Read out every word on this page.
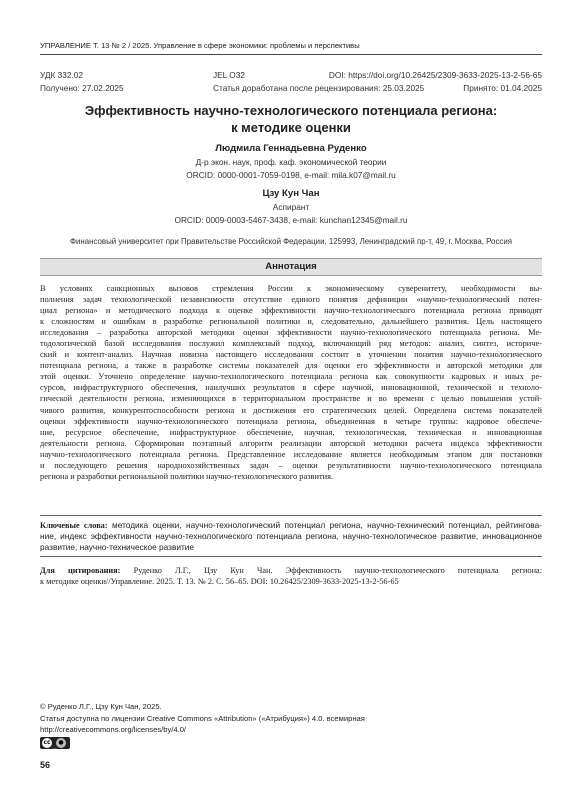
УПРАВЛЕНИЕ Т. 13 № 2 / 2025. Управление в сфере экономики: проблемы и перспективы
УДК 332.02	JEL O32	DOI: https://doi.org/10.26425/2309-3633-2025-13-2-56-65
Получено: 27.02.2025	Статья доработана после рецензирования: 25.03.2025	Принято: 01.04.2025
Эффективность научно-технологического потенциала региона:
к методике оценки
Людмила Геннадьевна Руденко
Д-р экон. наук, проф. каф. экономической теории
ORCID: 0000-0001-7059-0198, e-mail: mila.k07@mail.ru
Цзу Кун Чан
Аспирант
ORCID: 0009-0003-5467-3438, e-mail: kunchan12345@mail.ru
Финансовый университет при Правительстве Российской Федерации, 125993, Ленинградский пр-т, 49, г. Москва, Россия
Аннотация
В условиях санкционных вызовов стремления России к экономическому суверенитету, необходимости вы-
полнения задач технологической независимости отсутствие единого понятия дефиниции «научно-технологический потен-
циал региона» и методического подхода к оценке эффективности научно-технологического потенциала региона приводят
к сложностям и ошибкам в разработке региональной политики и, следовательно, дальнейшего развития. Цель настоящего
исследования – разработка авторской методики оценки эффективности научно-технологического потенциала региона. Ме-
тодологической базой исследования послужил комплексный подход, включающий ряд методов: анализ, синтез, историче-
ский и контент-анализ. Научная новизна настоящего исследования состоит в уточнении понятия научно-технологического
потенциала региона, а также в разработке системы показателей для оценки его эффективности и авторской методики для
этой оценки. Уточнено определение научно-технологического потенциала региона как совокупности кадровых и иных ре-
сурсов, инфраструктурного обеспечения, наилучших результатов в сфере научной, инновационной, технической и техноло-
гической деятельности региона, изменяющихся в территориальном пространстве и во времени с целью повышения устой-
чивого развития, конкурентоспособности региона и достижения его стратегических целей. Определена система показателей
оценки эффективности научно-технологического потенциала региона, объединенная в четыре группы: кадровое обеспече-
ние, ресурсное обеспечение, инфраструктурное обеспечение, научная, технологическая, техническая и инновационная
деятельности региона. Сформирован поэтапный алгоритм реализации авторской методики расчета индекса эффективности
научно-технологического потенциала региона. Представленное исследование является необходимым этапом для постановки
и последующего решения народнохозяйственных задач – оценки результативности научно-технологического потенциала
региона и разработки региональной политики научно-технологического развития.
Ключевые слова: методика оценки, научно-технологический потенциал региона, научно-технический потенциал, рейтингова-
ние, индекс эффективности научно-технологического потенциала региона, научно-технологическое развитие, инновационное
развитие, научно-техническое развитие
Для цитирования: Руденко Л.Г., Цзу Кун Чан. Эффективность научно-технологического потенциала региона:
к методике оценки//Управление. 2025. Т. 13. № 2. С. 56–65. DOI: 10.26425/2309-3633-2025-13-2-56-65
© Руденко Л.Г., Цзу Кун Чан, 2025.
Статья доступна по лицензии Creative Commons «Attribution» («Атрибуция») 4.0. всемирная
http://creativecommons.org/licenses/by/4.0/
cc	●
BY
56
